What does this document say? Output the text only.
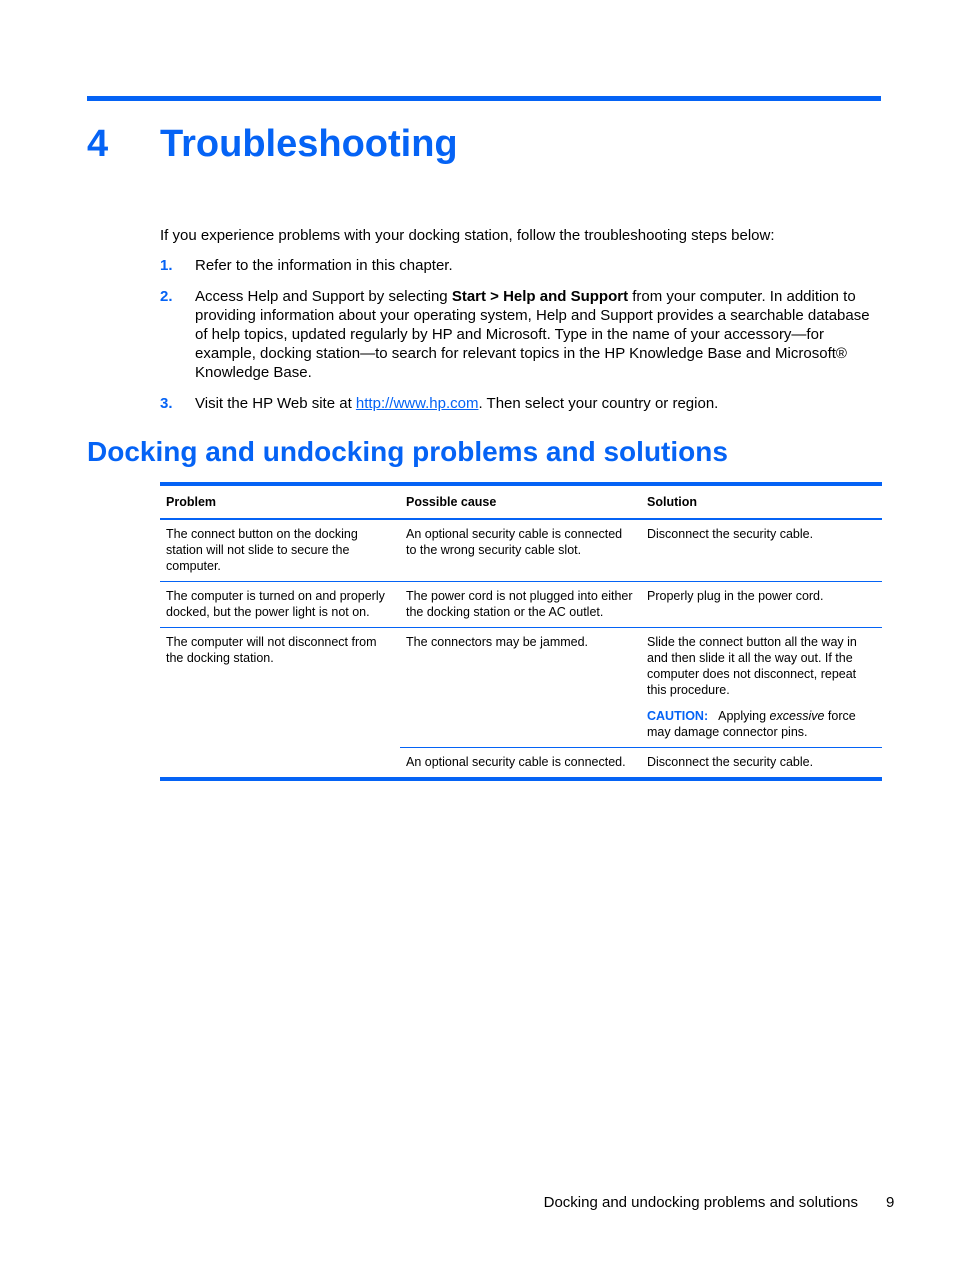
4 Troubleshooting

If you experience problems with your docking station, follow the troubleshooting steps below:

1. Refer to the information in this chapter.
2. Access Help and Support by selecting Start > Help and Support from your computer. In addition to providing information about your operating system, Help and Support provides a searchable database of help topics, updated regularly by HP and Microsoft. Type in the name of your accessory—for example, docking station—to search for relevant topics in the HP Knowledge Base and Microsoft® Knowledge Base.
3. Visit the HP Web site at http://www.hp.com. Then select your country or region.
Docking and undocking problems and solutions
Problem	Possible cause	Solution
The connect button on the docking station will not slide to secure the computer.	An optional security cable is connected to the wrong security cable slot.	Disconnect the security cable.
The computer is turned on and properly docked, but the power light is not on.	The power cord is not plugged into either the docking station or the AC outlet.	Properly plug in the power cord.
The computer will not disconnect from the docking station.	The connectors may be jammed.	Slide the connect button all the way in and then slide it all the way out. If the computer does not disconnect, repeat this procedure.
CAUTION: Applying excessive force may damage connector pins.

	An optional security cable is connected.	Disconnect the security cable.
Docking and undocking problems and solutions 9
